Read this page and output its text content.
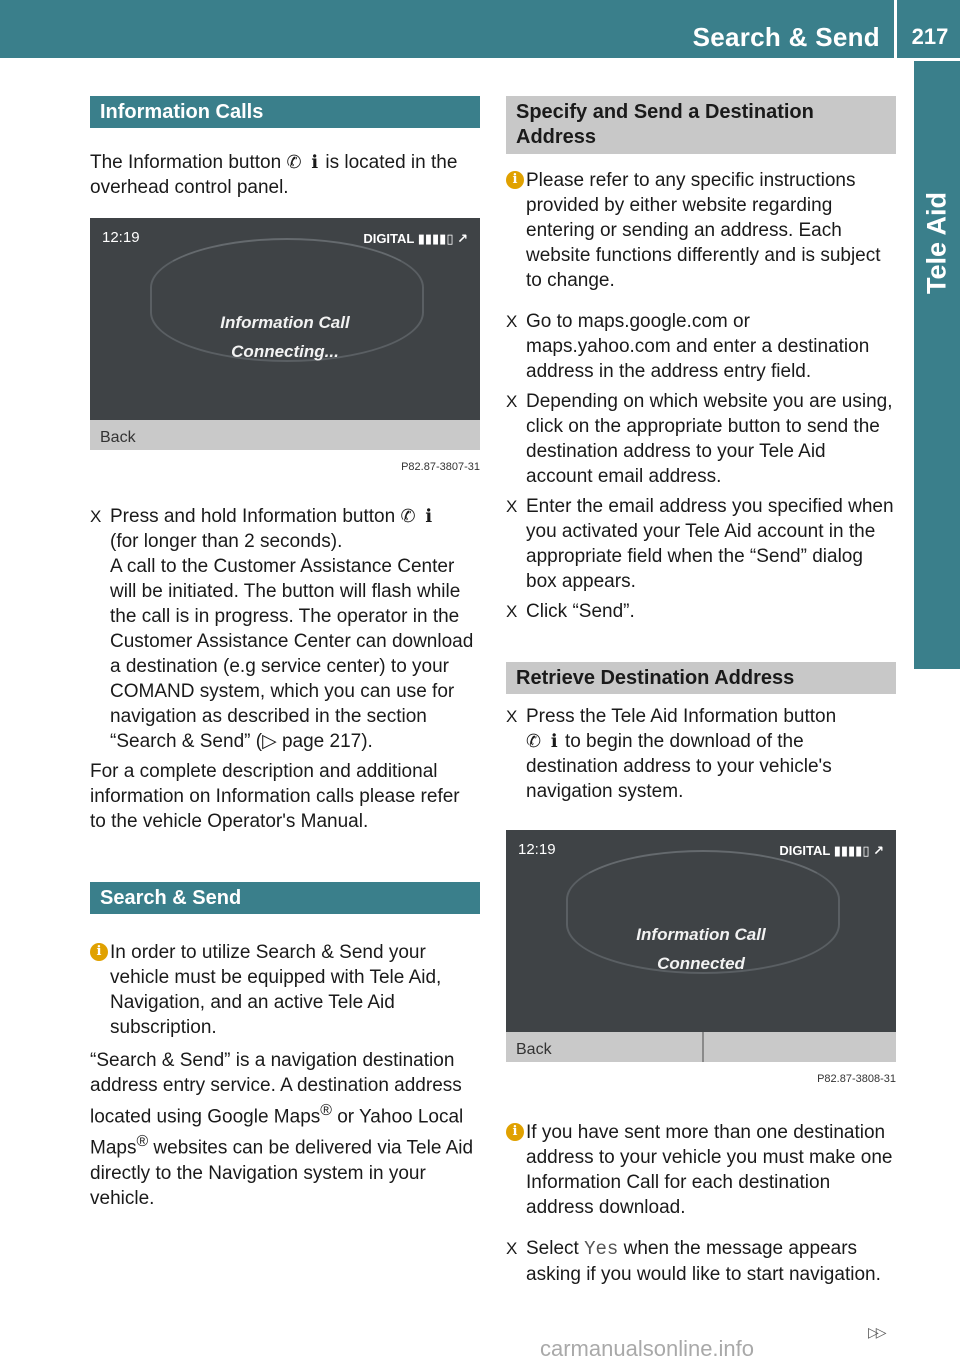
Search & Send	217
Tele Aid
Information Calls

The Information button ✆ ℹ is located in the overhead control panel.

12:19	DIGITAL ▮▮▮▮▯ ↗
Information Call
Connecting...
Back
P82.87-3807-31
X Press and hold Information button ✆ ℹ
(for longer than 2 seconds).
A call to the Customer Assistance Center will be initiated. The button will flash while the call is in progress. The operator in the Customer Assistance Center can download a destination (e.g service center) to your COMAND system, which you can use for navigation as described in the section “Search & Send” (▷ page 217).

For a complete description and additional information on Information calls please refer to the vehicle Operator's Manual.

Search & Send
i In order to utilize Search & Send your vehicle must be equipped with Tele Aid, Navigation, and an active Tele Aid subscription.

“Search & Send” is a navigation destination address entry service. A destination address located using Google Maps® or Yahoo Local Maps® websites can be delivered via Tele Aid directly to the Navigation system in your vehicle.

Specify and Send a Destination Address
i Please refer to any specific instructions provided by either website regarding entering or sending an address. Each website functions differently and is subject to change.
X Go to maps.google.com or maps.yahoo.com and enter a destination address in the address entry field.

X Depending on which website you are using, click on the appropriate button to send the destination address to your Tele Aid account email address.

X Enter the email address you specified when you activated your Tele Aid account in the appropriate field when the “Send” dialog box appears.

X Click “Send”.

Retrieve Destination Address
X Press the Tele Aid Information button
✆ ℹ to begin the download of the destination address to your vehicle's navigation system.

12:19	DIGITAL ▮▮▮▮▯ ↗
Information Call
Connected
Back
P82.87-3808-31
i If you have sent more than one destination address to your vehicle you must make one Information Call for each destination address download.
X Select Yes when the message appears asking if you would like to start navigation.

▷▷
carmanualsonline.info
